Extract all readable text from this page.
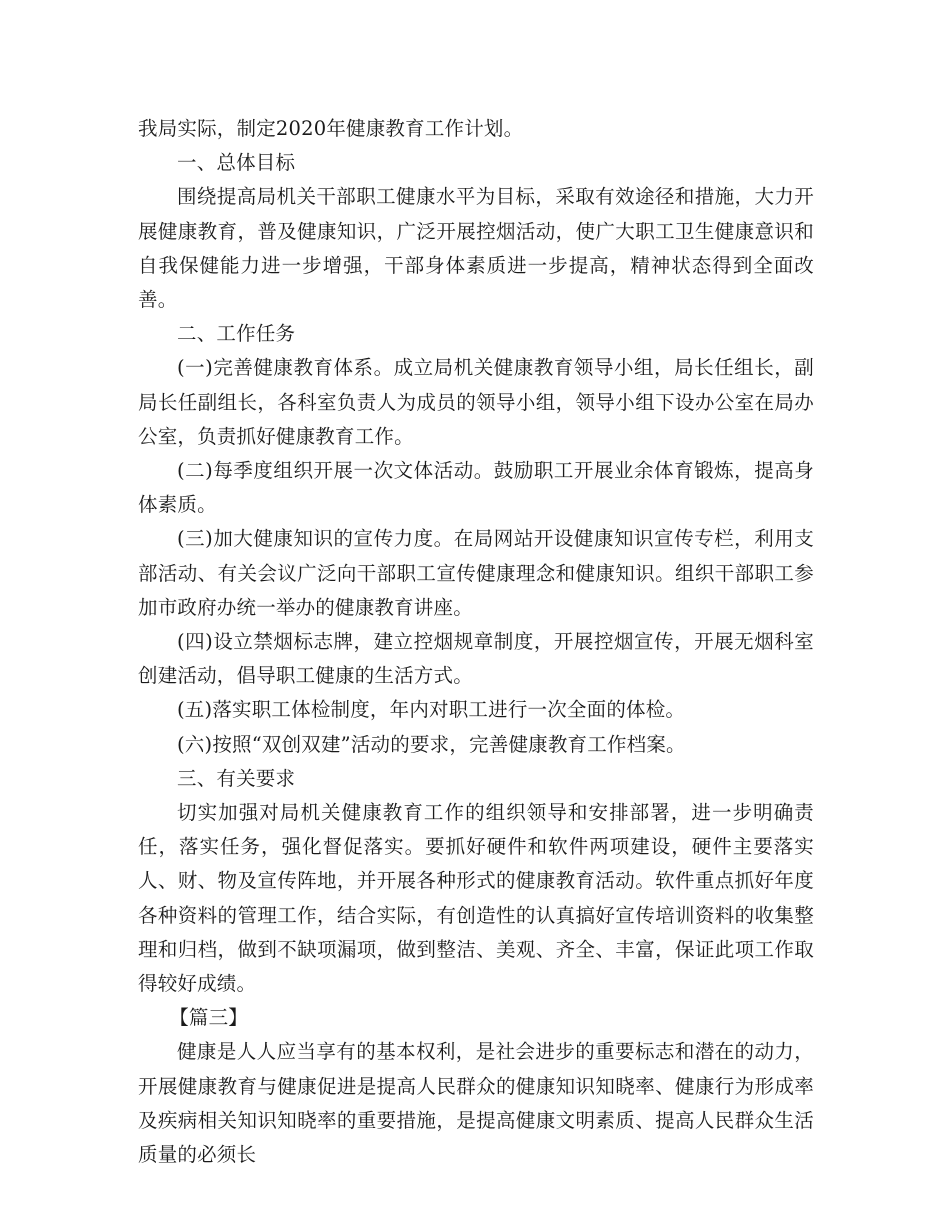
我局实际，制定2020年健康教育工作计划。

一、总体目标

围绕提高局机关干部职工健康水平为目标，采取有效途径和措施，大力开展健康教育，普及健康知识，广泛开展控烟活动，使广大职工卫生健康意识和自我保健能力进一步增强，干部身体素质进一步提高，精神状态得到全面改善。

二、工作任务

(一)完善健康教育体系。成立局机关健康教育领导小组，局长任组长，副局长任副组长，各科室负责人为成员的领导小组，领导小组下设办公室在局办公室，负责抓好健康教育工作。

(二)每季度组织开展一次文体活动。鼓励职工开展业余体育锻炼，提高身体素质。

(三)加大健康知识的宣传力度。在局网站开设健康知识宣传专栏，利用支部活动、有关会议广泛向干部职工宣传健康理念和健康知识。组织干部职工参加市政府办统一举办的健康教育讲座。

(四)设立禁烟标志牌，建立控烟规章制度，开展控烟宣传，开展无烟科室创建活动，倡导职工健康的生活方式。

(五)落实职工体检制度，年内对职工进行一次全面的体检。

(六)按照“双创双建”活动的要求，完善健康教育工作档案。

三、有关要求

切实加强对局机关健康教育工作的组织领导和安排部署，进一步明确责任，落实任务，强化督促落实。要抓好硬件和软件两项建设，硬件主要落实人、财、物及宣传阵地，并开展各种形式的健康教育活动。软件重点抓好年度各种资料的管理工作，结合实际，有创造性的认真搞好宣传培训资料的收集整理和归档，做到不缺项漏项，做到整洁、美观、齐全、丰富，保证此项工作取得较好成绩。

【篇三】

健康是人人应当享有的基本权利，是社会进步的重要标志和潜在的动力，开展健康教育与健康促进是提高人民群众的健康知识知晓率、健康行为形成率及疾病相关知识知晓率的重要措施，是提高健康文明素质、提高人民群众生活质量的必须长
